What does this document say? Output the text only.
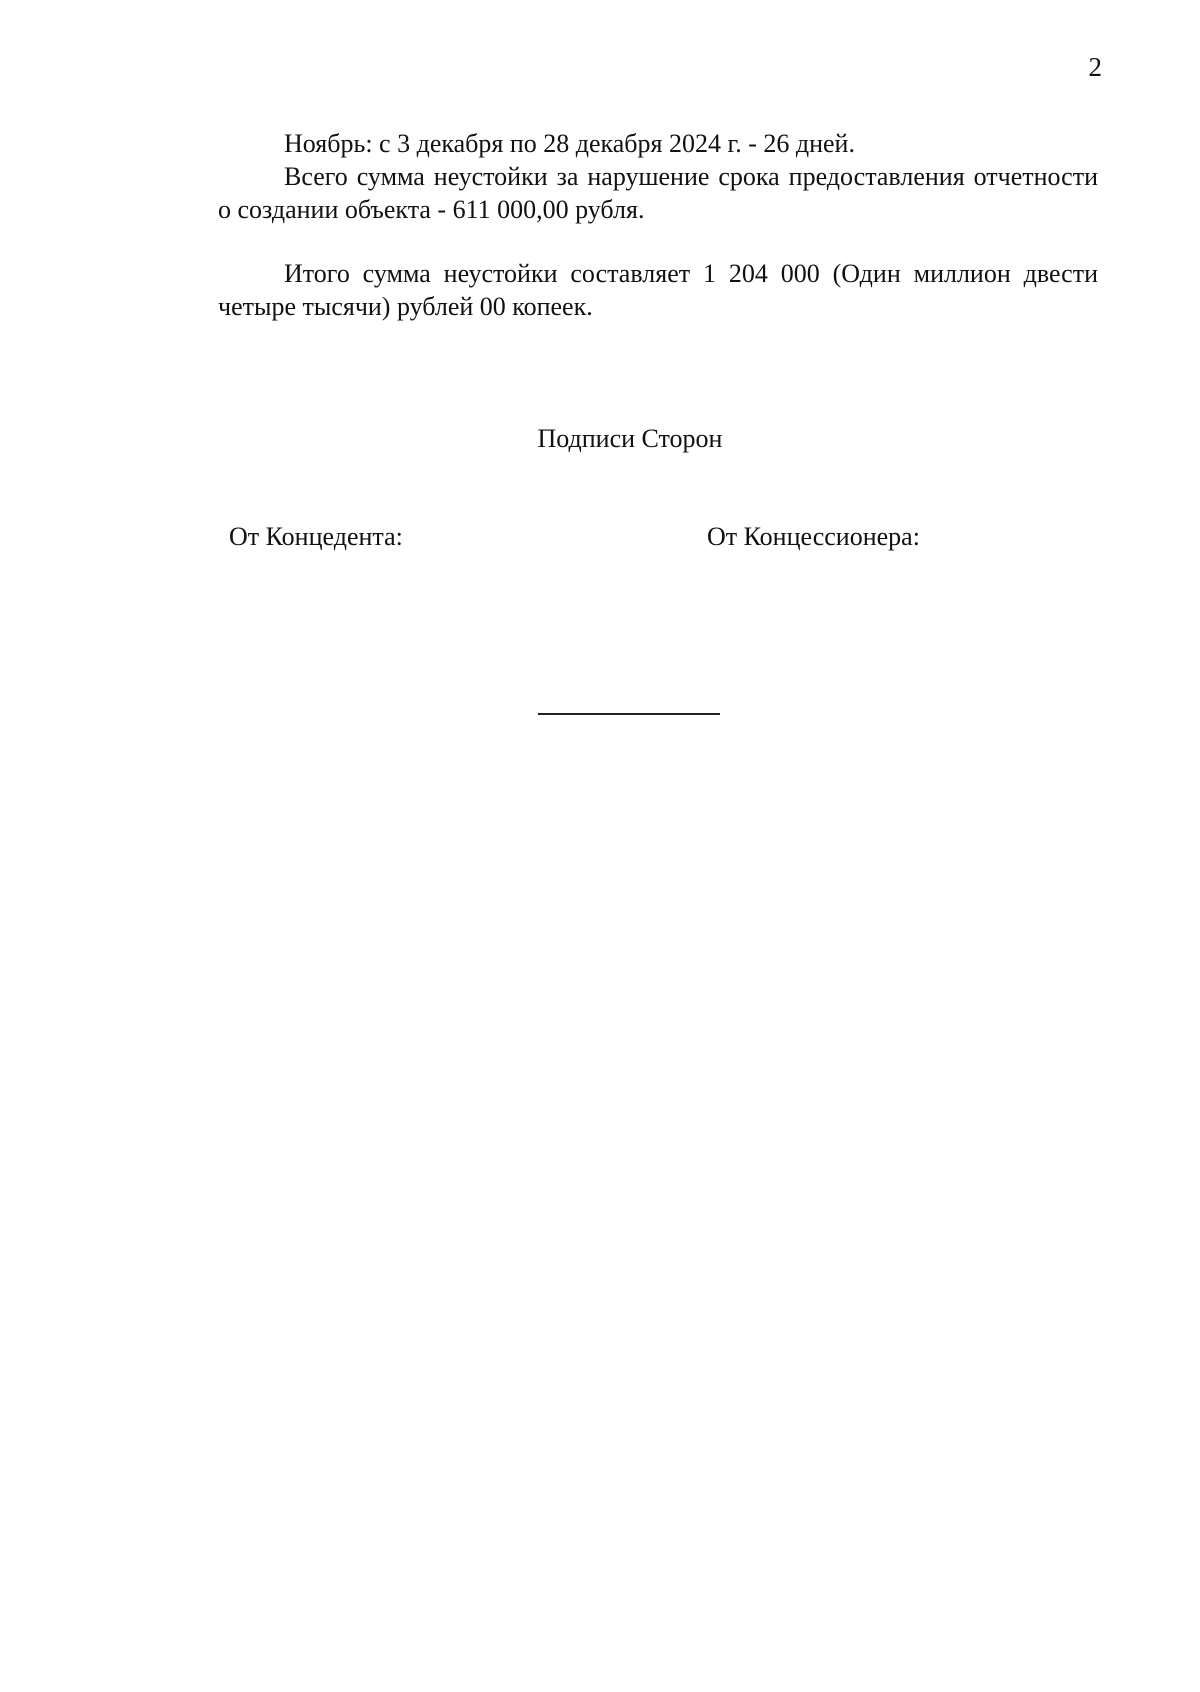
2

Ноябрь: с 3 декабря по 28 декабря 2024 г. - 26 дней.

Всего сумма неустойки за нарушение срока предоставления отчетности о создании объекта - 611 000,00 рубля.

Итого сумма неустойки составляет 1 204 000 (Один миллион двести четыре тысячи) рублей 00 копеек.

Подписи Сторон
От Концедента:	От Концессионера:
